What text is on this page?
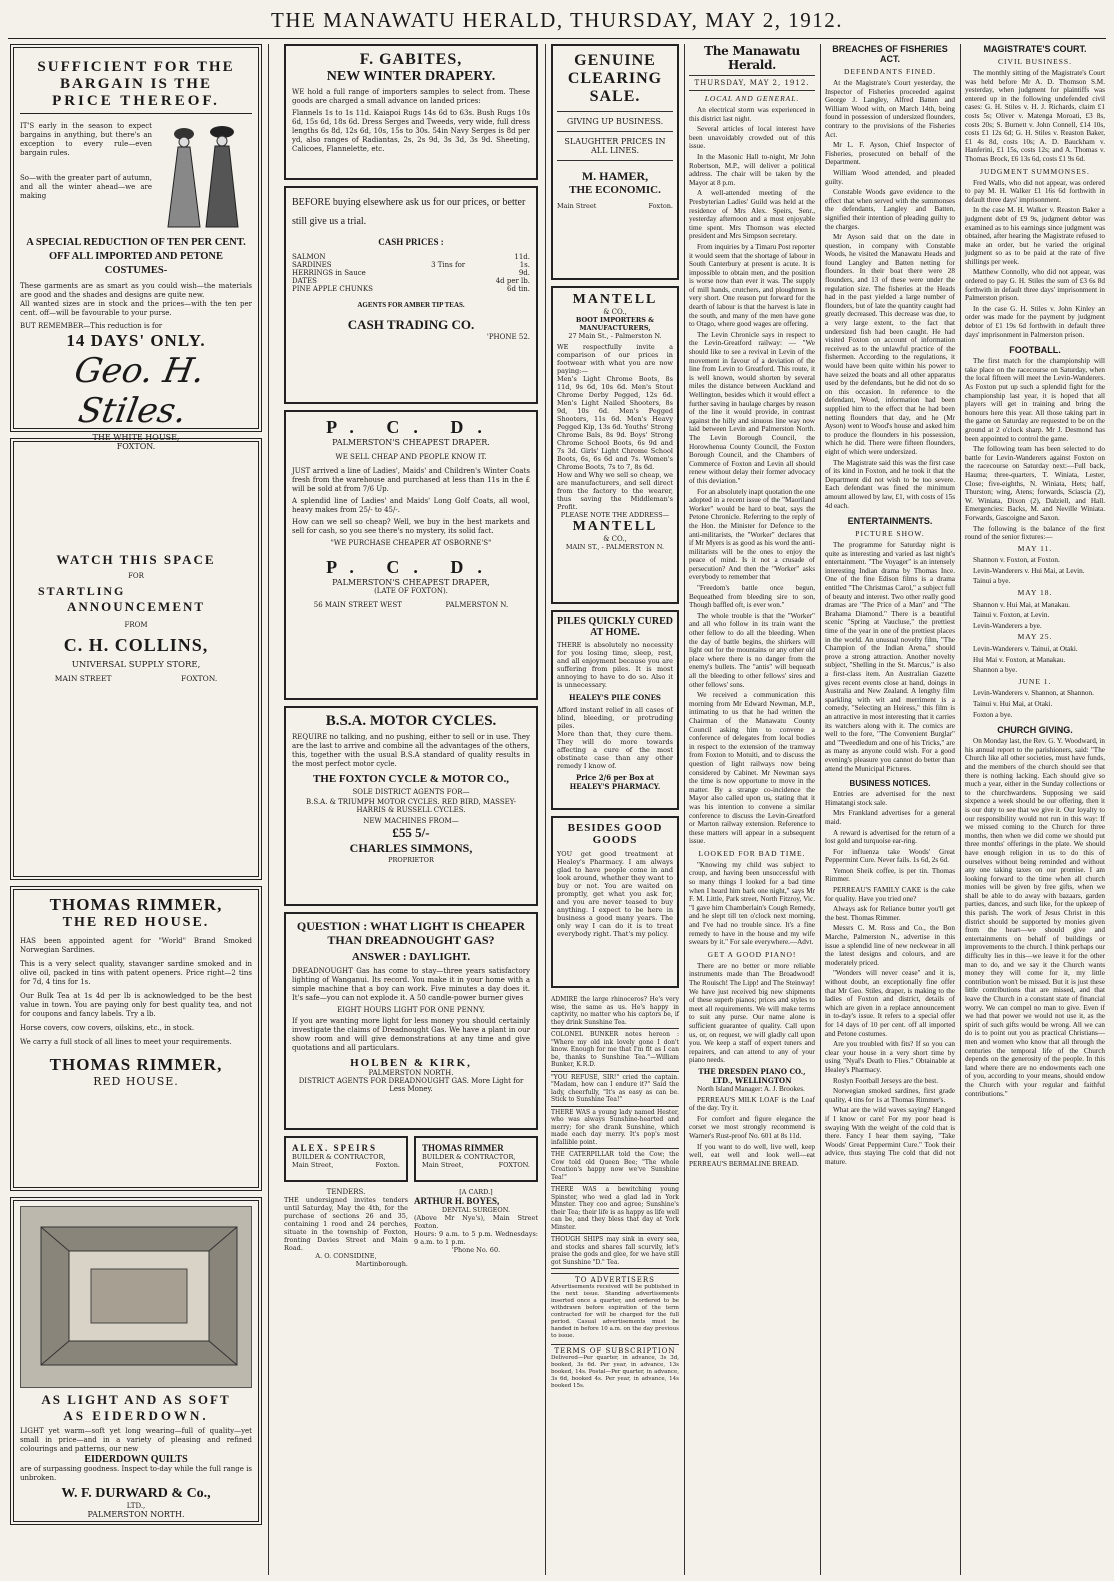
THE MANAWATU HERALD, THURSDAY, MAY 2, 1912.
SUFFICIENT FOR THE
BARGAIN IS THE
PRICE THEREOF.
IT'S early in the season to expect bargains in anything, but there's an exception to every rule—even bargain rules.
So—with the greater part of autumn, and all the winter ahead—we are making
A SPECIAL REDUCTION OF TEN PER CENT. OFF ALL IMPORTED AND PETONE COSTUMES-
These garments are as smart as you could wish—the materials are good and the shades and designs are quite new.
All wanted sizes are in stock and the prices—with the ten per cent. off—will be favourable to your purse.
BUT REMEMBER—This reduction is for
14 DAYS' ONLY.
Geo. H. Stiles.
THE WHITE HOUSE,
FOXTON.
WATCH THIS SPACE
FOR
STARTLING
ANNOUNCEMENT
FROM
C. H. COLLINS,
UNIVERSAL SUPPLY STORE,
MAIN STREET	FOXTON.
THOMAS RIMMER,
THE RED HOUSE.
HAS been appointed agent for "World" Brand Smoked Norwegian Sardines.
This is a very select quality, stavanger sardine smoked and in olive oil, packed in tins with patent openers. Price right—2 tins for 7d, 4 tins for 1s.
Our Bulk Tea at 1s 4d per lb is acknowledged to be the best value in town. You are paying only for best quality tea, and not for coupons and fancy labels. Try a lb.
Horse covers, cow covers, oilskins, etc., in stock.
We carry a full stock of all lines to meet your requirements.
THOMAS RIMMER,
RED HOUSE.
AS LIGHT AND AS SOFT
AS EIDERDOWN.
LIGHT yet warm—soft yet long wearing—full of quality—yet small in price—and in a variety of pleasing and refined colourings and patterns, our new
EIDERDOWN QUILTS
are of surpassing goodness. Inspect to-day while the full range is unbroken.
W. F. DURWARD & Co.,
LTD.,
PALMERSTON NORTH.
F. GABITES,
NEW WINTER DRAPERY.
WE hold a full range of importers samples to select from. These goods are charged a small advance on landed prices:
Flannels 1s to 1s 11d. Kaiapoi Rugs 14s 6d to 63s. Bush Rugs 10s 6d, 15s 6d, 18s 6d. Dress Serges and Tweeds, very wide, full dress lengths 6s 8d, 12s 6d, 10s, 15s to 30s. 54in Navy Serges is 8d per yd, also ranges of Radiantas, 2s, 2s 9d, 3s 3d, 3s 9d. Sheeting, Calicoes, Flannelette, etc.
BEFORE buying elsewhere ask us for our prices, or better still give us a trial.
CASH PRICES :
SALMON		11d.
SARDINES	3 Tins for	1s.
HERRINGS in Sauce		9d.
DATES		4d per lb.
PINE APPLE CHUNKS		6d tin.
AGENTS FOR AMBER TIP TEAS.
CASH TRADING CO.
'PHONE 52.
P. C. D.
PALMERSTON'S CHEAPEST DRAPER.
WE SELL CHEAP AND PEOPLE KNOW IT.
JUST arrived a line of Ladies', Maids' and Children's Winter Coats fresh from the warehouse and purchased at less than 11s in the £ will be sold at from 7/6 Up.
A splendid line of Ladies' and Maids' Long Golf Coats, all wool, heavy makes from 25/- to 45/-.
How can we sell so cheap? Well, we buy in the best markets and sell for cash, so you see there's no mystery, its solid fact.
"WE PURCHASE CHEAPER AT OSBORNE'S"
P. C. D.
PALMERSTON'S CHEAPEST DRAPER,
(LATE OF FOXTON).
56 MAIN STREET WEST	PALMERSTON N.
B.S.A. MOTOR CYCLES.
REQUIRE no talking, and no pushing, either to sell or in use. They are the last to arrive and combine all the advantages of the others, this, together with the usual B.S.A standard of quality results in the most perfect motor cycle.
THE FOXTON CYCLE & MOTOR CO.,
SOLE DISTRICT AGENTS FOR—
B.S.A. & TRIUMPH MOTOR CYCLES. RED BIRD, MASSEY-HARRIS & RUSSELL CYCLES.
NEW MACHINES FROM—
£55 5/-
CHARLES SIMMONS,
PROPRIETOR
QUESTION : WHAT LIGHT IS CHEAPER THAN DREADNOUGHT GAS?
ANSWER : DAYLIGHT.
DREADNOUGHT Gas has come to stay—three years satisfactory lighting of Wanganui. Its record. You make it in your home with a simple machine that a boy can work. Five minutes a day does it. It's safe—you can not explode it. A 50 candle-power burner gives
EIGHT HOURS LIGHT FOR ONE PENNY.
If you are wanting more light for less money you should certainly investigate the claims of Dreadnought Gas. We have a plant in our show room and will give demonstrations at any time and give quotations and all particulars.
HOLBEN & KIRK,
PALMERSTON NORTH.
DISTRICT AGENTS FOR DREADNOUGHT GAS. More Light for Less Money.
ALEX. SPEIRS
BUILDER & CONTRACTOR,
Main Street,	Foxton.
THOMAS RIMMER
BUILDER & CONTRACTOR,
Main Street,	FOXTON.
TENDERS.
THE undersigned invites tenders until Saturday, May the 4th, for the purchase of sections 26 and 35, containing 1 rood and 24 perches, situate in the township of Foxton, fronting Davies Street and Main Road.
A. O. CONSIDINE,
Martinborough.
[A CARD.]
ARTHUR H. BOYES,
DENTAL SURGEON.
(Above Mr Nye's), Main Street Foxton.
Hours: 9 a.m. to 5 p.m. Wednesdays: 9 a.m. to 1 p.m.
'Phone No. 60.
GENUINE
CLEARING
SALE.
GIVING UP BUSINESS.
SLAUGHTER PRICES IN ALL LINES.
M. HAMER,
THE ECONOMIC.
Main Street	Foxton.
MANTELL
& CO.,
BOOT IMPORTERS & MANUFACTURERS,
27 Main St., - Palmerston N.
WE respectfully invite a comparison of our prices in footwear with what you are now paying:—
Men's Light Chrome Boots, 8s 11d, 9s 6d, 10s 6d. Men's Stout Chrome Derby Pegged, 12s 6d. Men's Light Nailed Shooters, 8s 9d, 10s 6d. Men's Pegged Shooters, 11s 6d. Men's Heavy Pegged Kip, 13s 6d. Youths' Strong Chrome Bals, 8s 9d. Boys' Strong Chrome School Boots, 6s 9d and 7s 3d. Girls' Light Chrome School Boots, 6s, 6s 6d and 7s. Women's Chrome Boots, 7s to 7, 8s 6d.
How and Why we sell so cheap, we are manufacturers, and sell direct from the factory to the wearer, thus saving the Middleman's Profit.
PLEASE NOTE THE ADDRESS—
MANTELL
& CO.,
MAIN ST., - PALMERSTON N.
PILES QUICKLY CURED AT HOME.
THERE is absolutely no necessity for you losing time, sleep, rest, and all enjoyment because you are suffering from piles. It is most annoying to have to do so. Also it is unnecessary.
HEALEY'S PILE CONES
Afford instant relief in all cases of blind, bleeding, or protruding piles.
More than that, they cure them. They will do more towards affecting a cure of the most obstinate case than any other remedy I know of.
Price 2/6 per Box at HEALEY'S PHARMACY.
BESIDES GOOD GOODS
YOU get good treatment at Healey's Pharmacy. I am always glad to have people come in and look around, whether they want to buy or not. You are waited on promptly, get what you ask for, and you are never teased to buy anything. I expect to be here in business a good many years. The only way I can do it is to treat everybody right. That's my policy.
ADMIRE the large rhinoceros? He's very wise, the same as us. He's happy in captivity, no matter who his captors be, if they drink Sunshine Tea.
COLONEL BUNKER notes hereon : "Where my old ink lovely gone I don't know. Enough for me that I'm fit as I can be, thanks to Sunshine Tea."—William Bunker, K.R.D.
"YOU REFUSE, SIR!" cried the captain. "Madam, how can I endure it?" Said the lady, cheerfully, "It's as easy as can be. Stick to Sunshine Tea!"
THERE WAS a young lady named Hester, who was always Sunshine-hearted and merry; for she drank Sunshine, which made each day merry. It's pop's most infallible point.
THE CATERPILLAR told the Cow; the Cow told old Queen Bee; "The whole Creation's happy now we've Sunshine Tea!"
THERE WAS a bewitching young Spinster, who wed a glad lad in York Minster. They coo and agree; Sunshine's their Tea; their life is as happy as life well can be, and they bless that day at York Minster.
THOUGH SHIPS may sink in every sea, and stocks and shares fall scurvily, let's praise the gods and glee, for we have still got Sunshine "D." Tea.
TO ADVERTISERS
Advertisements received will be published in the next issue. Standing advertisements inserted once a quarter, and ordered to be withdrawn before expiration of the term contracted for will be charged for the full period. Casual advertisements must be handed in before 10 a.m. on the day previous to issue.
TERMS OF SUBSCRIPTION
Delivered—Per quarter, in advance, 3s 3d, booked, 3s 6d. Per year, in advance, 13s booked, 14s. Postal—Per quarter, in advance, 3s 6d, booked 4s. Per year, in advance, 14s booked 15s.
The Manawatu Herald.
THURSDAY, MAY 2, 1912.
LOCAL AND GENERAL.

An electrical storm was experienced in this district last night.

Several articles of local interest have been unavoidably crowded out of this issue.

In the Masonic Hall to-night, Mr John Robertson, M.P., will deliver a political address. The chair will be taken by the Mayor at 8 p.m.

A well-attended meeting of the Presbyterian Ladies' Guild was held at the residence of Mrs Alex. Speirs, Senr., yesterday afternoon and a most enjoyable time spent. Mrs Thomson was elected president and Mrs Simpson secretary.

From inquiries by a Timaru Post reporter it would seem that the shortage of labour in South Canterbury at present is acute. It is impossible to obtain men, and the position is worse now than ever it was. The supply of mill hands, crutchers, and ploughmen is very short. One reason put forward for the dearth of labour is that the harvest is late in the south, and many of the men have gone to Otago, where good wages are offering.

The Levin Chronicle says in respect to the Levin-Greatford railway: — "We should like to see a revival in Levin of the movement in favour of a deviation of the line from Levin to Greatford. This route, it is well known, would shorten by several miles the distance between Auckland and Wellington, besides which it would effect a further saving in haulage charges by reason of the line it would provide, in contrast against the hilly and sinuous line way now laid between Levin and Palmerston North. The Levin Borough Council, the Horowhenua County Council, the Foxton Borough Council, and the Chambers of Commerce of Foxton and Levin all should renew without delay their former advocacy of this deviation."

For an absolutely inapt quotation the one adopted in a recent issue of the "Maoriland Worker" would be hard to beat, says the Petone Chronicle. Referring to the reply of the Hon. the Minister for Defence to the anti-militarists, the "Worker" declares that if Mr Myers is as good as his word the anti-militarists will be the ones to enjoy the peace of mind. Is it not a crusade of persecution? And then the "Worker" asks everybody to remember that

"Freedom's battle once begun, Bequeathed from bleeding sire to son, Though baffled oft, is ever won."

The whole trouble is that the "Worker" and all who follow in its train want the other fellow to do all the bleeding. When the day of battle begins, the shirkers will light out for the mountains or any other old place where there is no danger from the enemy's bullets. The "antis" will bequeath all the bleeding to other fellows' sires and other fellows' sons.

We received a communication this morning from Mr Edward Newman, M.P., intimating to us that he had written the Chairman of the Manawatu County Council asking him to convene a conference of delegates from local bodies in respect to the extension of the tramway from Foxton to Motuiti, and to discuss the question of light railways now being considered by Cabinet. Mr Newman says the time is now opportune to move in the matter. By a strange co-incidence the Mayor also called upon us, stating that it was his intention to convene a similar conference to discuss the Levin-Greatford or Marton railway extension. Reference to these matters will appear in a subsequent issue.

LOOKED FOR BAD TIME.

"Knowing my child was subject to croup, and having been unsuccessful with so many things I looked for a bad time when I heard him bark one night," says Mr F. M. Little, Park street, North Fitzroy, Vic. "I gave him Chamberlain's Cough Remedy, and he slept till ten o'clock next morning, and I've had no trouble since. It's a fine remedy to have in the house and my wife swears by it." For sale everywhere.—Advt.

GET A GOOD PIANO!

There are no better or more reliable instruments made than The Broadwood! The Rouisch! The Lipp! and The Steinway! We have just received big new shipments of these superb pianos; prices and styles to meet all requirements. We will make terms to suit any purse. Our name alone is sufficient guarantee of quality. Call upon us, or, on request, we will gladly call upon you. We keep a staff of expert tuners and repairers, and can attend to any of your piano needs.

THE DRESDEN PIANO CO., LTD., WELLINGTON

North Island Manager: A. J. Brookes.

PERREAU'S MILK LOAF is the Loaf of the day. Try it.

For comfort and figure elegance the corset we most strongly recommend is Warner's Rust-proof No. 601 at 8s 11d.

If you want to do well, live well, keep well, eat well and look well—eat PERREAU'S BERMALINE BREAD.

BREACHES OF FISHERIES ACT.
DEFENDANTS FINED.

At the Magistrate's Court yesterday, the Inspector of Fisheries proceeded against George J. Langley, Alfred Batten and William Wood with, on March 14th, being found in possession of undersized flounders, contrary to the provisions of the Fisheries Act.

Mr L. F. Ayson, Chief Inspector of Fisheries, prosecuted on behalf of the Department.

William Wood attended, and pleaded guilty.

Constable Woods gave evidence to the effect that when served with the summonses the defendants, Langley and Batten, signified their intention of pleading guilty to the charges.

Mr Ayson said that on the date in question, in company with Constable Woods, he visited the Manawatu Heads and found Langley and Batten netting for flounders. In their boat there were 28 flounders, and 13 of these were under the regulation size. The fisheries at the Heads had in the past yielded a large number of flounders, but of late the quantity caught had greatly decreased. This decrease was due, to a very large extent, to the fact that undersized fish had been caught. He had visited Foxton on account of information received as to the unlawful practice of the fishermen. According to the regulations, it would have been quite within his power to have seized the boats and all other apparatus used by the defendants, but he did not do so on this occasion. In reference to the defendant, Wood, information had been supplied him to the effect that he had been netting flounders that day, and he (Mr Ayson) went to Wood's house and asked him to produce the flounders in his possession, which he did. There were fifteen flounders, eight of which were undersized.

The Magistrate said this was the first case of its kind in Foxton, and he took it that the Department did not wish to be too severe. Each defendant was fined the minimum amount allowed by law, £1, with costs of 15s 4d each.

ENTERTAINMENTS.
PICTURE SHOW.

The programme for Saturday night is quite as interesting and varied as last night's entertainment. "The Voyager" is an intensely interesting Indian drama by Thomas Ince. One of the fine Edison films is a drama entitled "The Christmas Carol," a subject full of beauty and interest. Two other really good dramas are "The Price of a Man" and "The Brahama Diamond." There is a beautiful scenic "Spring at Vaucluse," the prettiest time of the year in one of the prettiest places in the world. An unusual novelty film, "The Champion of the Indian Arena," should prove a strong attraction. Another novelty subject, "Shelling in the St. Marcus," is also a first-class item. An Australian Gazette gives recent events close at hand, doings in Australia and New Zealand. A lengthy film sparkling with wit and merriment is a comedy, "Selecting an Heiress," this film is an attractive in most interesting that it carries its watchers along with it. The comics are well to the fore, "The Convenient Burglar" and "Tweedledum and one of his Tricks," are as many as anyone could wish. For a good evening's pleasure you cannot do better than attend the Municipal Pictures.

BUSINESS NOTICES.

Entries are advertised for the next Himatangi stock sale.

Mrs Frankland advertises for a general maid.

A reward is advertised for the return of a lost gold and turquoise ear-ring.

For influenza take Woods' Great Peppermint Cure. Never fails. 1s 6d, 2s 6d.

Yemon Sheik coffee, is per tin. Thomas Rimmer.

PERREAU'S FAMILY CAKE is the cake for quality. Have you tried one?

Always ask for Reliance butter you'll get the best. Thomas Rimmer.

Messrs C. M. Ross and Co., the Bon Marche, Palmerston N., advertise in this issue a splendid line of new neckwear in all the latest designs and colours, and are moderately priced.

"Wonders will never cease" and it is, without doubt, an exceptionally fine offer that Mr Geo. Stiles, draper, is making to the ladies of Foxton and district, details of which are given in a replace announcement in to-day's issue. It refers to a special offer for 14 days of 10 per cent. off all imported and Petone costumes.

Are you troubled with fits? If so you can clear your house in a very short time by using "Nyal's Death to Flies." Obtainable at Healey's Pharmacy.

Roslyn Football Jerseys are the best.

Norwegian smoked sardines, first grade quality, 4 tins for 1s at Thomas Rimmer's.

What are the wild waves saying? Hanged if I know or care! For my poor head is swaying With the weight of the cold that is there. Fancy I hear them saying, "Take Woods' Great Peppermint Cure." Took their advice, thus staying The cold that did not mature.

MAGISTRATE'S COURT.
CIVIL BUSINESS.

The monthly sitting of the Magistrate's Court was held before Mr A. D. Thomson S.M. yesterday, when judgment for plaintiffs was entered up in the following undefended civil cases: G. H. Stiles v. H. J. Richards, claim £1 costs 5s; Oliver v. Matenga Moroati, £3 8s, costs 20s; S. Burnett v. John Connell, £14 10s, costs £1 12s 6d; G. H. Stiles v. Reaston Baker, £1 4s 8d, costs 10s; A. D. Bauckham v. Hanferini, £1 15s, costs 12s; and A. Thomas v. Thomas Brock, £6 13s 6d, costs £1 9s 6d.

JUDGMENT SUMMONSES.

Fred Walls, who did not appear, was ordered to pay M. H. Walker £1 16s 6d forthwith in default three days' imprisonment.

In the case M. H. Walker v. Reaston Baker a judgment debt of £9 9s, judgment debtor was examined as to his earnings since judgment was obtained, after hearing the Magistrate refused to make an order, but he varied the original judgment so as to be paid at the rate of five shillings per week.

Matthew Connolly, who did not appear, was ordered to pay G. H. Stiles the sum of £3 6s 8d forthwith in default three days' imprisonment in Palmerston prison.

In the case G. H. Stiles v. John Kinley an order was made for the payment by judgment debtor of £1 19s 6d forthwith in default three days' imprisonment in Palmerston prison.

FOOTBALL.

The first match for the championship will take place on the racecourse on Saturday, when the local fifteen will meet the Levin-Wanderers. As Foxton put up such a splendid fight for the championship last year, it is hoped that all players will get in training and bring the honours here this year. All those taking part in the game on Saturday are requested to be on the ground at 2 o'clock sharp. Mr J. Desmond has been appointed to control the game.

The following team has been selected to do battle for Levin-Wanderers against Foxton on the racecourse on Saturday next:—Full back, Hauma; three-quarters, T. Winiata, Lester, Close; five-eighths, N. Winiata, Hets; half, Thurston; wing, Atens; forwards, Sciascia (2), W. Winiata, Dixon (2), Dalziell, and Hall. Emergencies: Backs, M. and Neville Winiata. Forwards, Gascoigne and Saxon.

The following is the balance of the first round of the senior fixtures:—

MAY 11.

Shannon v. Foxton, at Foxton.

Levin-Wanderers v. Hui Mai, at Levin.

Tainui a bye.

MAY 18.

Shannon v. Hui Mai, at Manakau.

Tainui v. Foxton, at Levin.

Levin-Wanderers a bye.

MAY 25.

Levin-Wanderers v. Tainui, at Otaki.

Hui Mai v. Foxton, at Manakau.

Shannon a bye.

JUNE 1.

Levin-Wanderers v. Shannon, at Shannon.

Tainui v. Hui Mai, at Otaki.

Foxton a bye.

CHURCH GIVING.

On Monday last, the Rev. G. Y. Woodward, in his annual report to the parishioners, said: "The Church like all other societies, must have funds, and the members of the church should see that there is nothing lacking. Each should give so much a year, either in the Sunday collections or to the churchwardens. Supposing we said sixpence a week should be our offering, then it is our duty to see that we give it. Our loyalty to our responsibility would not run in this way: If we missed coming to the Church for three months, then when we did come we should put three months' offerings in the plate. We should have enough religion in us to do this of ourselves without being reminded and without any one taking taxes on our promise. I am looking forward to the time when all church monies will be given by free gifts, when we shall be able to do away with bazaars, garden parties, dances, and such like, for the upkeep of this parish. The work of Jesus Christ in this district should be supported by monies given from the heart—we should give and entertainments on behalf of buildings or improvements to the church. I think perhaps our difficulty lies in this—we leave it for the other man to do, and we say it the Church wants money they will come for it, my little contribution won't be missed. But it is just these little contributions that are missed, and that leave the Church in a constant state of financial worry. We can compel no man to give. Even if we had that power we would not use it, as the spirit of such gifts would be wrong. All we can do is to point out you as practical Christians—men and women who know that all through the centuries the temporal life of the Church depends on the generosity of the people. In this land where there are no endowments each one of you, according to your means, should endow the Church with your regular and faithful contributions."
